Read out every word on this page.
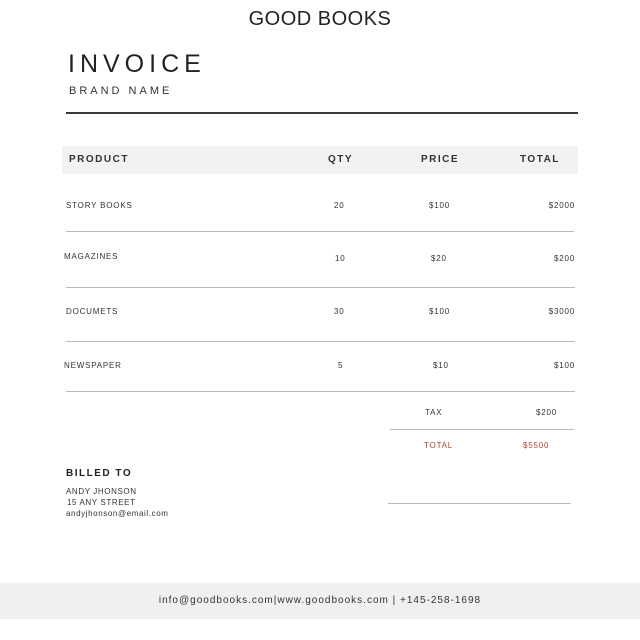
GOOD BOOKS
INVOICE
BRAND NAME
PRODUCT	QTY	PRICE	TOTAL
STORY BOOKS	20	$100	$2000
MAGAZINES	10	$20	$200
DOCUMETS	30	$100	$3000
NEWSPAPER	5	$10	$100
TAX	$200
TOTAL	$5500
BILLED TO
ANDY JHONSON
15 ANY STREET
andyjhonson@email.com
info@goodbooks.com|www.goodbooks.com | +145-258-1698
